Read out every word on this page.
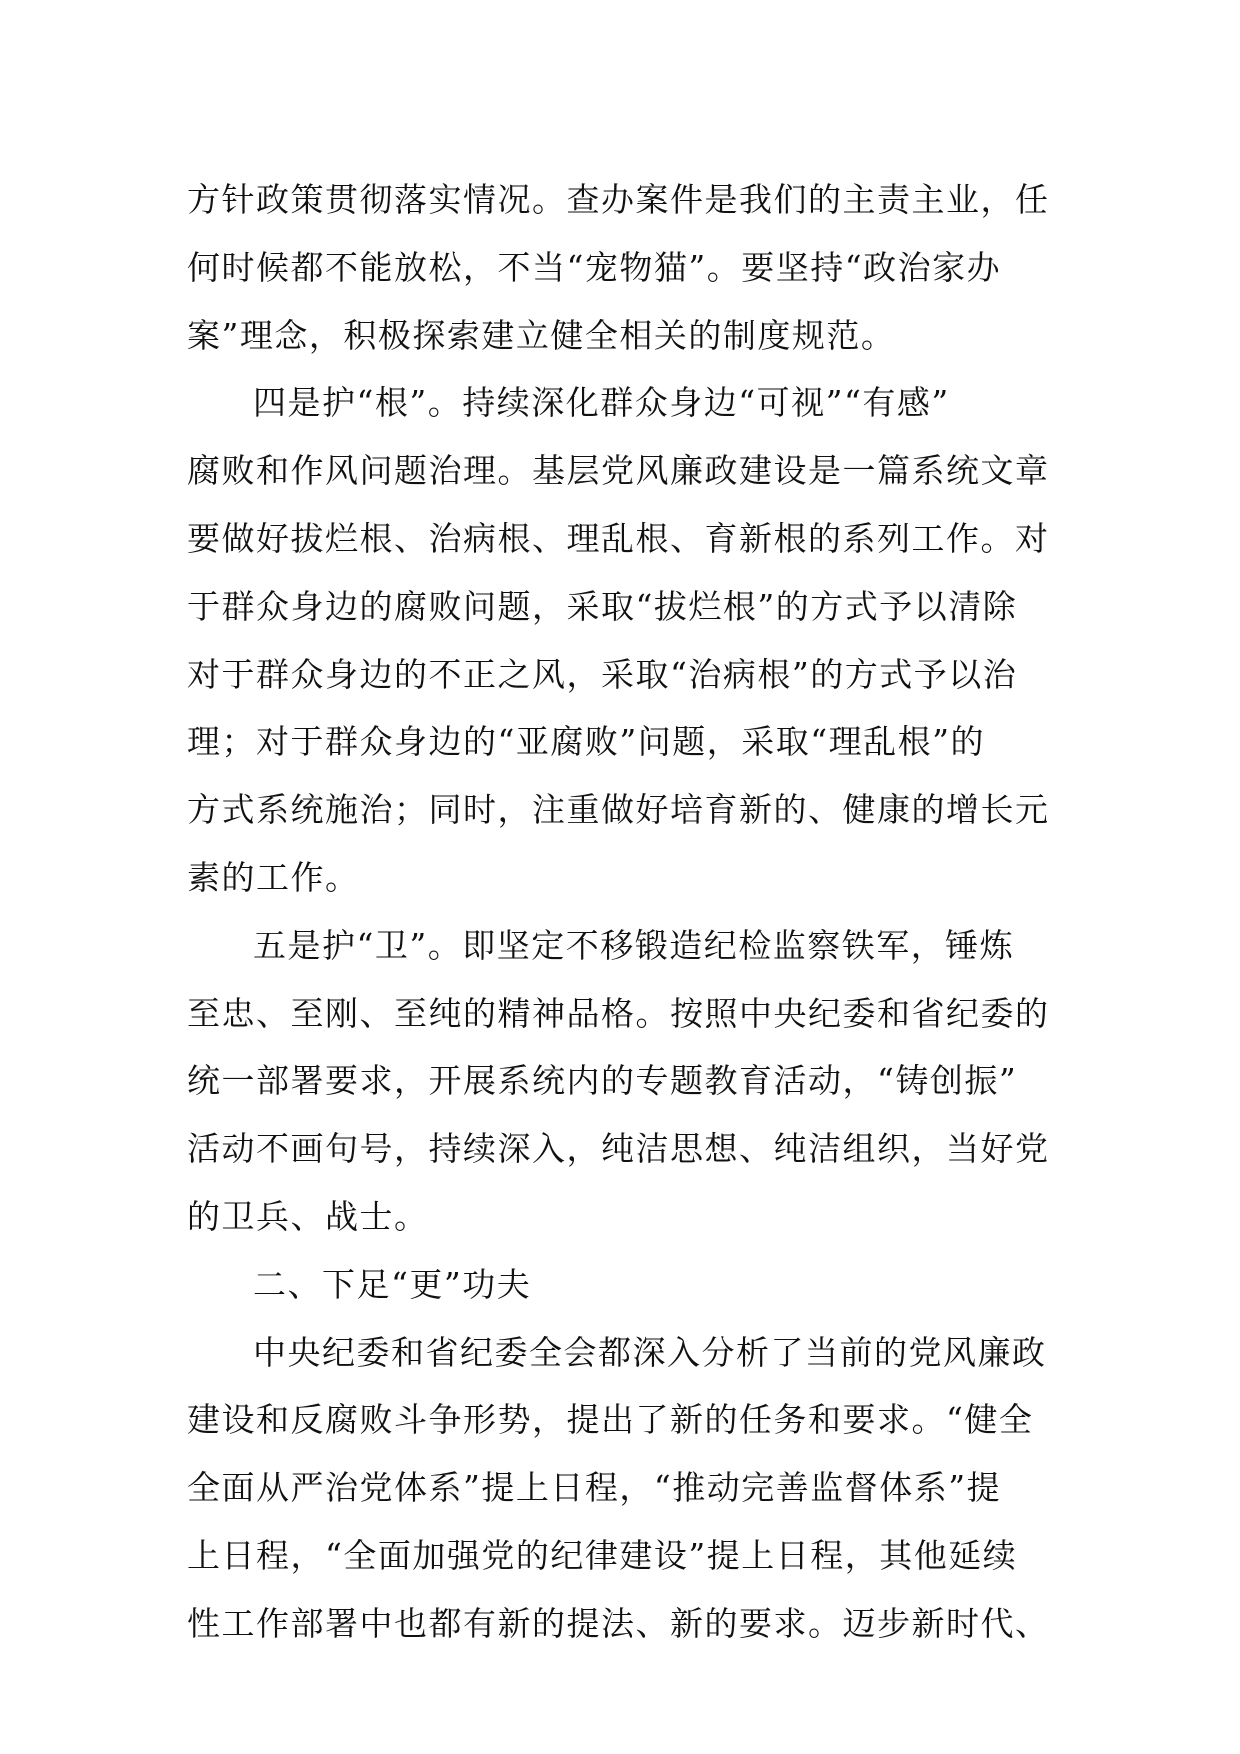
方针政策贯彻落实情况。查办案件是我们的主责主业，任
何时候都不能放松，不当“宠物猫”。要坚持“政治家办
案”理念，积极探索建立健全相关的制度规范。
四是护“根”。持续深化群众身边“可视”“有感”
腐败和作风问题治理。基层党风廉政建设是一篇系统文章
要做好拔烂根、治病根、理乱根、育新根的系列工作。对
于群众身边的腐败问题，采取“拔烂根”的方式予以清除
对于群众身边的不正之风，采取“治病根”的方式予以治
理；对于群众身边的“亚腐败”问题，采取“理乱根”的
方式系统施治；同时，注重做好培育新的、健康的增长元
素的工作。
五是护“卫”。即坚定不移锻造纪检监察铁军，锤炼
至忠、至刚、至纯的精神品格。按照中央纪委和省纪委的
统一部署要求，开展系统内的专题教育活动，“铸创振”
活动不画句号，持续深入，纯洁思想、纯洁组织，当好党
的卫兵、战士。
二、下足“更”功夫
中央纪委和省纪委全会都深入分析了当前的党风廉政
建设和反腐败斗争形势，提出了新的任务和要求。“健全
全面从严治党体系”提上日程，“推动完善监督体系”提
上日程，“全面加强党的纪律建设”提上日程，其他延续
性工作部署中也都有新的提法、新的要求。迈步新时代、
